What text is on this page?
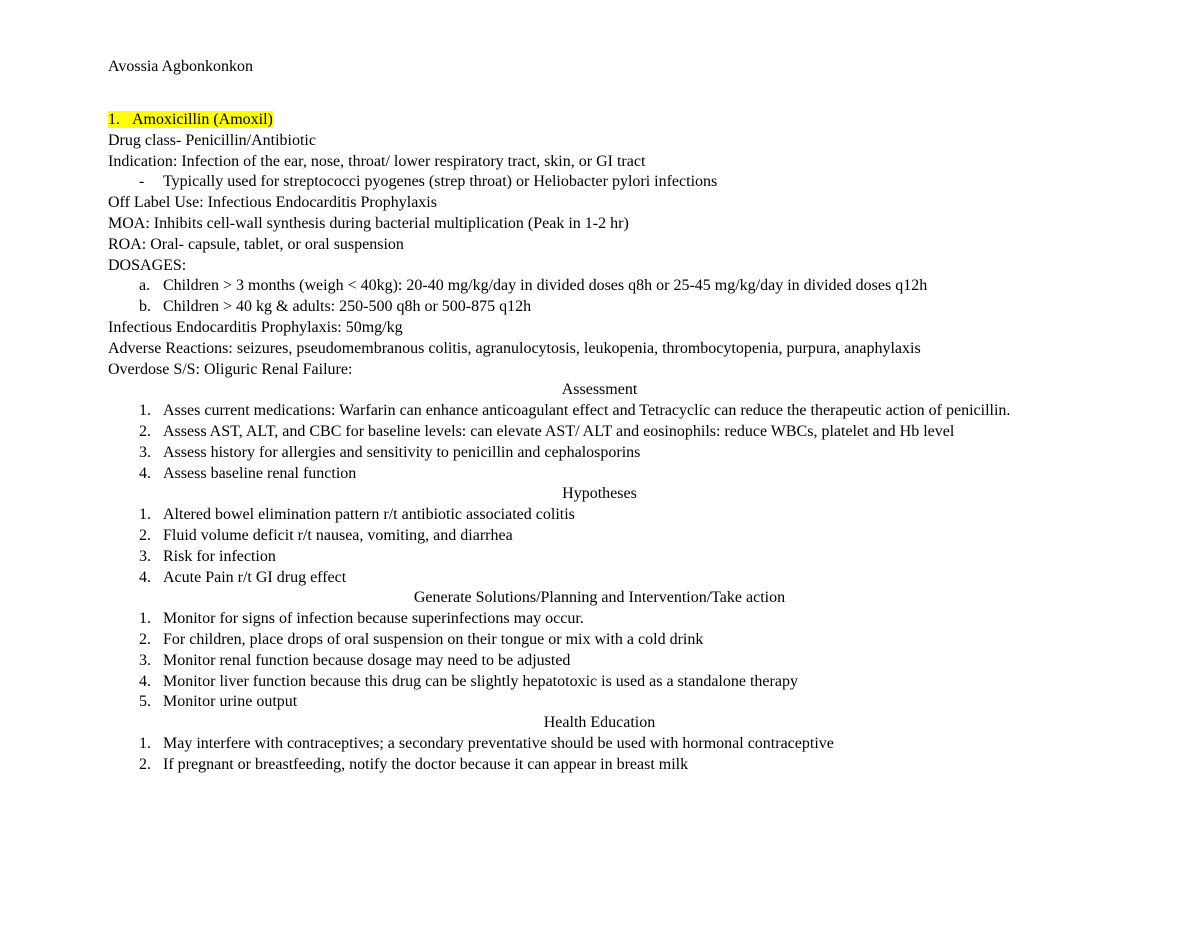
Avossia Agbonkonkon
1. Amoxicillin (Amoxil)
Drug class- Penicillin/Antibiotic
Indication: Infection of the ear, nose, throat/ lower respiratory tract, skin, or GI tract
- Typically used for streptococci pyogenes (strep throat) or Heliobacter pylori infections
Off Label Use: Infectious Endocarditis Prophylaxis
MOA: Inhibits cell-wall synthesis during bacterial multiplication (Peak in 1-2 hr)
ROA: Oral- capsule, tablet, or oral suspension
DOSAGES:
a. Children > 3 months (weigh < 40kg): 20-40 mg/kg/day in divided doses q8h or 25-45 mg/kg/day in divided doses q12h
b. Children > 40 kg & adults: 250-500 q8h or 500-875 q12h
Infectious Endocarditis Prophylaxis: 50mg/kg
Adverse Reactions: seizures, pseudomembranous colitis, agranulocytosis, leukopenia, thrombocytopenia, purpura, anaphylaxis
Overdose S/S: Oliguric Renal Failure:
Assessment
1. Asses current medications: Warfarin can enhance anticoagulant effect and Tetracyclic can reduce the therapeutic action of penicillin.
2. Assess AST, ALT, and CBC for baseline levels: can elevate AST/ ALT and eosinophils: reduce WBCs, platelet and Hb level
3. Assess history for allergies and sensitivity to penicillin and cephalosporins
4. Assess baseline renal function
Hypotheses
1. Altered bowel elimination pattern r/t antibiotic associated colitis
2. Fluid volume deficit r/t nausea, vomiting, and diarrhea
3. Risk for infection
4. Acute Pain r/t GI drug effect
Generate Solutions/Planning and Intervention/Take action
1. Monitor for signs of infection because superinfections may occur.
2. For children, place drops of oral suspension on their tongue or mix with a cold drink
3. Monitor renal function because dosage may need to be adjusted
4. Monitor liver function because this drug can be slightly hepatotoxic is used as a standalone therapy
5. Monitor urine output
Health Education
1. May interfere with contraceptives; a secondary preventative should be used with hormonal contraceptive
2. If pregnant or breastfeeding, notify the doctor because it can appear in breast milk
